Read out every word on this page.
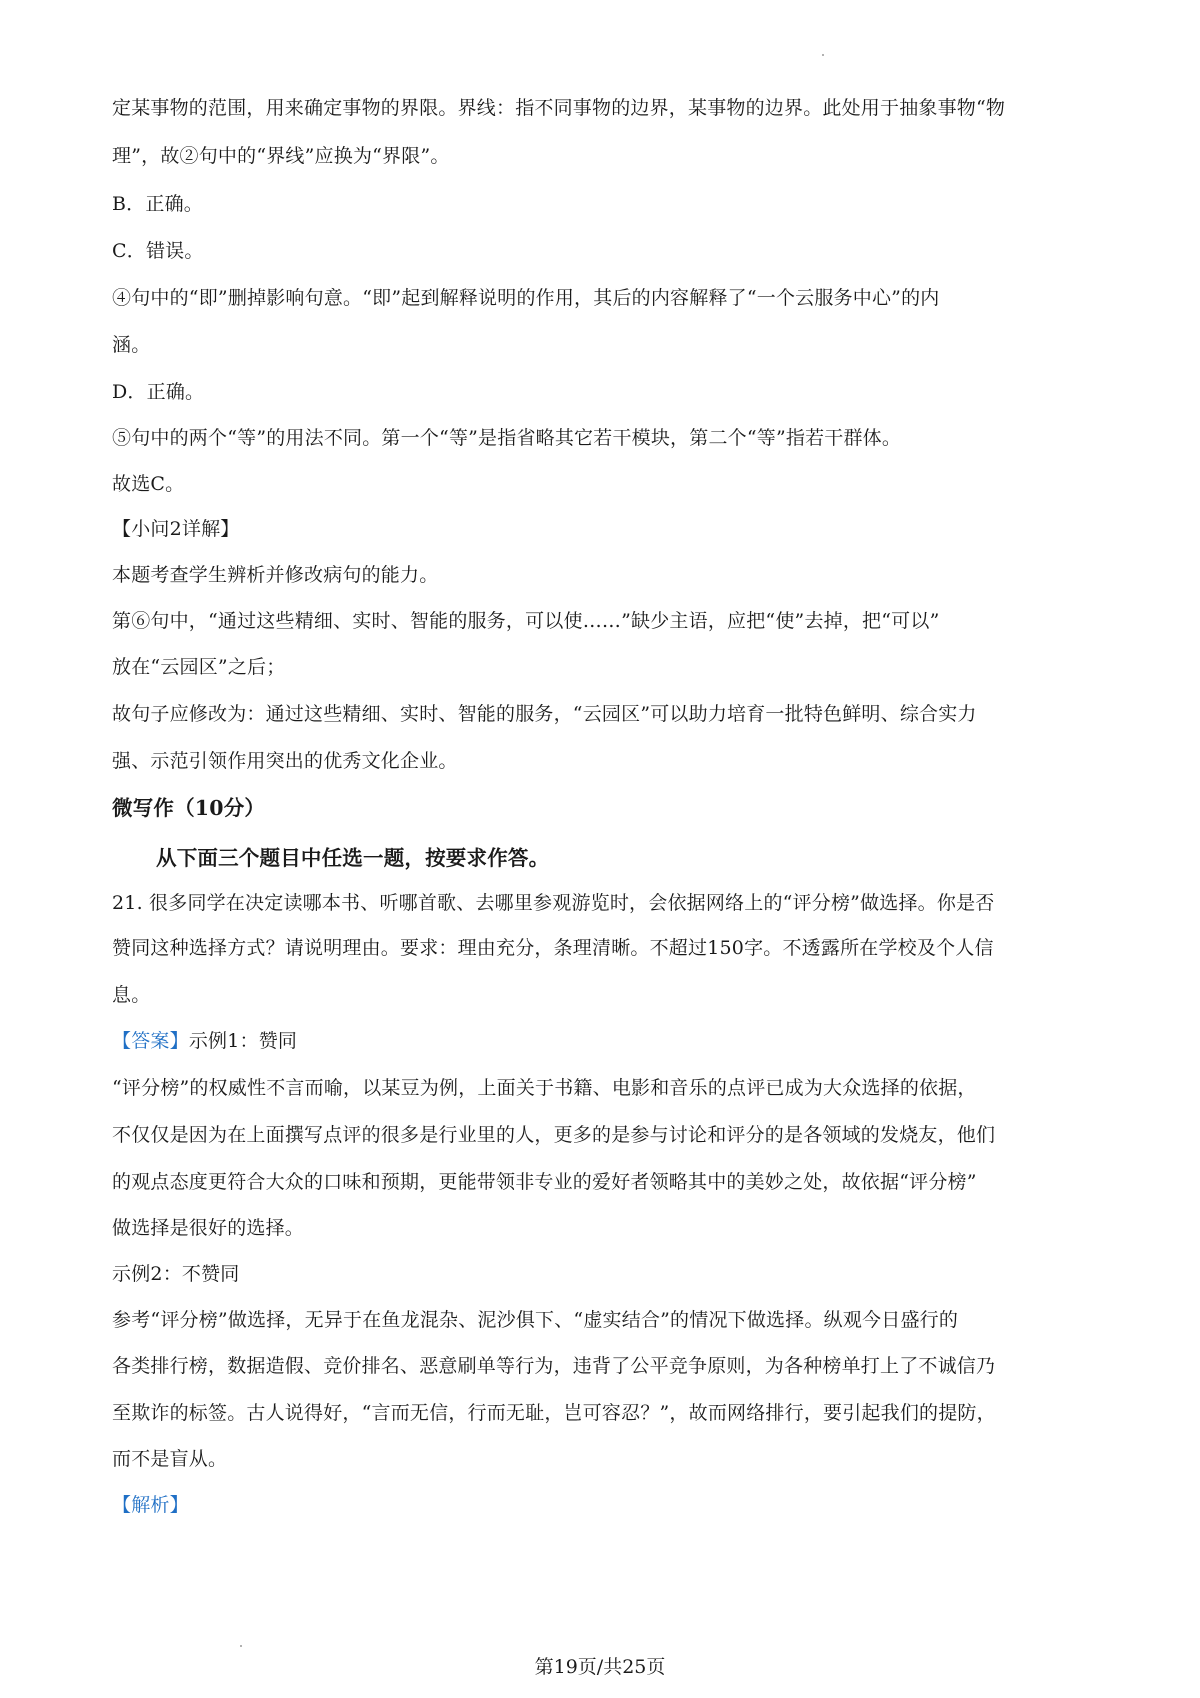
定某事物的范围，用来确定事物的界限。界线：指不同事物的边界，某事物的边界。此处用于抽象事物“物

理”，故②句中的“界线”应换为“界限”。

B．正确。

C．错误。

④句中的“即”删掉影响句意。“即”起到解释说明的作用，其后的内容解释了“一个云服务中心”的内

涵。

D．正确。

⑤句中的两个“等”的用法不同。第一个“等”是指省略其它若干模块，第二个“等”指若干群体。

故选C。

【小问2详解】

本题考查学生辨析并修改病句的能力。

第⑥句中，“通过这些精细、实时、智能的服务，可以使……”缺少主语，应把“使”去掉，把“可以”

放在“云园区”之后；

故句子应修改为：通过这些精细、实时、智能的服务，“云园区”可以助力培育一批特色鲜明、综合实力

强、示范引领作用突出的优秀文化企业。

微写作（10分）

从下面三个题目中任选一题，按要求作答。

21. 很多同学在决定读哪本书、听哪首歌、去哪里参观游览时，会依据网络上的“评分榜”做选择。你是否

赞同这种选择方式？请说明理由。要求：理由充分，条理清晰。不超过150字。不透露所在学校及个人信

息。

【答案】示例1：赞同

“评分榜”的权威性不言而喻，以某豆为例，上面关于书籍、电影和音乐的点评已成为大众选择的依据，

不仅仅是因为在上面撰写点评的很多是行业里的人，更多的是参与讨论和评分的是各领域的发烧友，他们

的观点态度更符合大众的口味和预期，更能带领非专业的爱好者领略其中的美妙之处，故依据“评分榜”

做选择是很好的选择。

示例2：不赞同

参考“评分榜”做选择，无异于在鱼龙混杂、泥沙俱下、“虚实结合”的情况下做选择。纵观今日盛行的

各类排行榜，数据造假、竞价排名、恶意刷单等行为，违背了公平竞争原则，为各种榜单打上了不诚信乃

至欺诈的标签。古人说得好，“言而无信，行而无耻，岂可容忍？”，故而网络排行，要引起我们的提防，

而不是盲从。

【解析】

第19页/共25页
